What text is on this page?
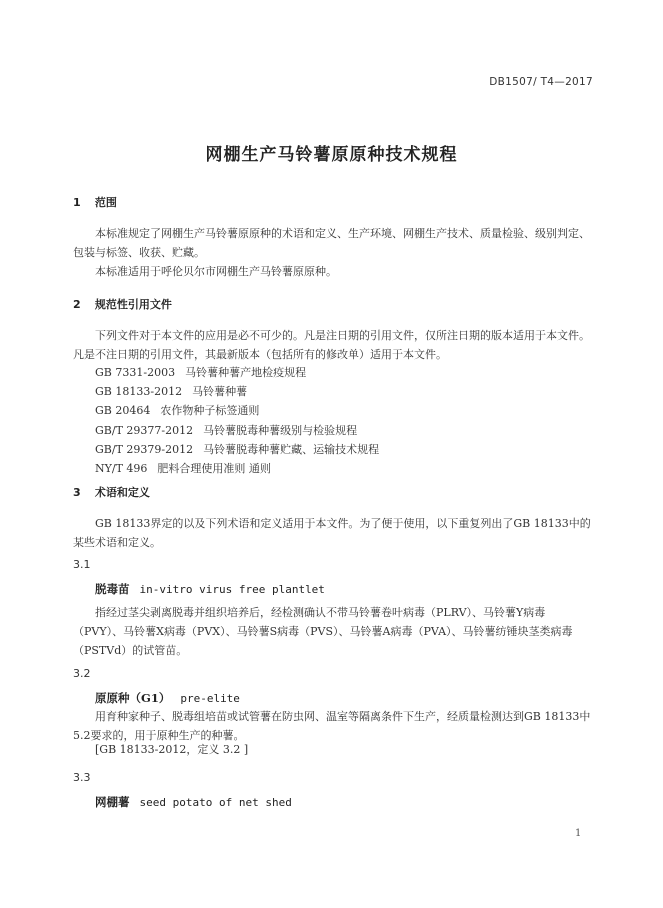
DB1507/ T4—2017
网棚生产马铃薯原原种技术规程
1 范围

本标准规定了网棚生产马铃薯原原种的术语和定义、生产环境、网棚生产技术、质量检验、级别判定、包装与标签、收获、贮藏。

本标准适用于呼伦贝尔市网棚生产马铃薯原原种。

2 规范性引用文件

下列文件对于本文件的应用是必不可少的。凡是注日期的引用文件，仅所注日期的版本适用于本文件。凡是不注日期的引用文件，其最新版本（包括所有的修改单）适用于本文件。

GB 7331-2003 马铃薯种薯产地检疫规程
GB 18133-2012 马铃薯种薯
GB 20464 农作物种子标签通则
GB/T 29377-2012 马铃薯脱毒种薯级别与检验规程
GB/T 29379-2012 马铃薯脱毒种薯贮藏、运输技术规程
NY/T 496 肥料合理使用准则 通则
3 术语和定义

GB 18133界定的以及下列术语和定义适用于本文件。为了便于使用，以下重复列出了GB 18133中的某些术语和定义。

3.1
脱毒苗 in-vitro virus free plantlet

指经过茎尖剥离脱毒并组织培养后，经检测确认不带马铃薯卷叶病毒（PLRV）、马铃薯Y病毒（PVY）、马铃薯X病毒（PVX）、马铃薯S病毒（PVS）、马铃薯A病毒（PVA）、马铃薯纺锤块茎类病毒（PSTVd）的试管苗。

3.2
原原种（G1） pre-elite

用育种家种子、脱毒组培苗或试管薯在防虫网、温室等隔离条件下生产，经质量检测达到GB 18133中5.2要求的，用于原种生产的种薯。

[GB 18133-2012，定义 3.2 ]
3.3
网棚薯 seed potato of net shed
1
